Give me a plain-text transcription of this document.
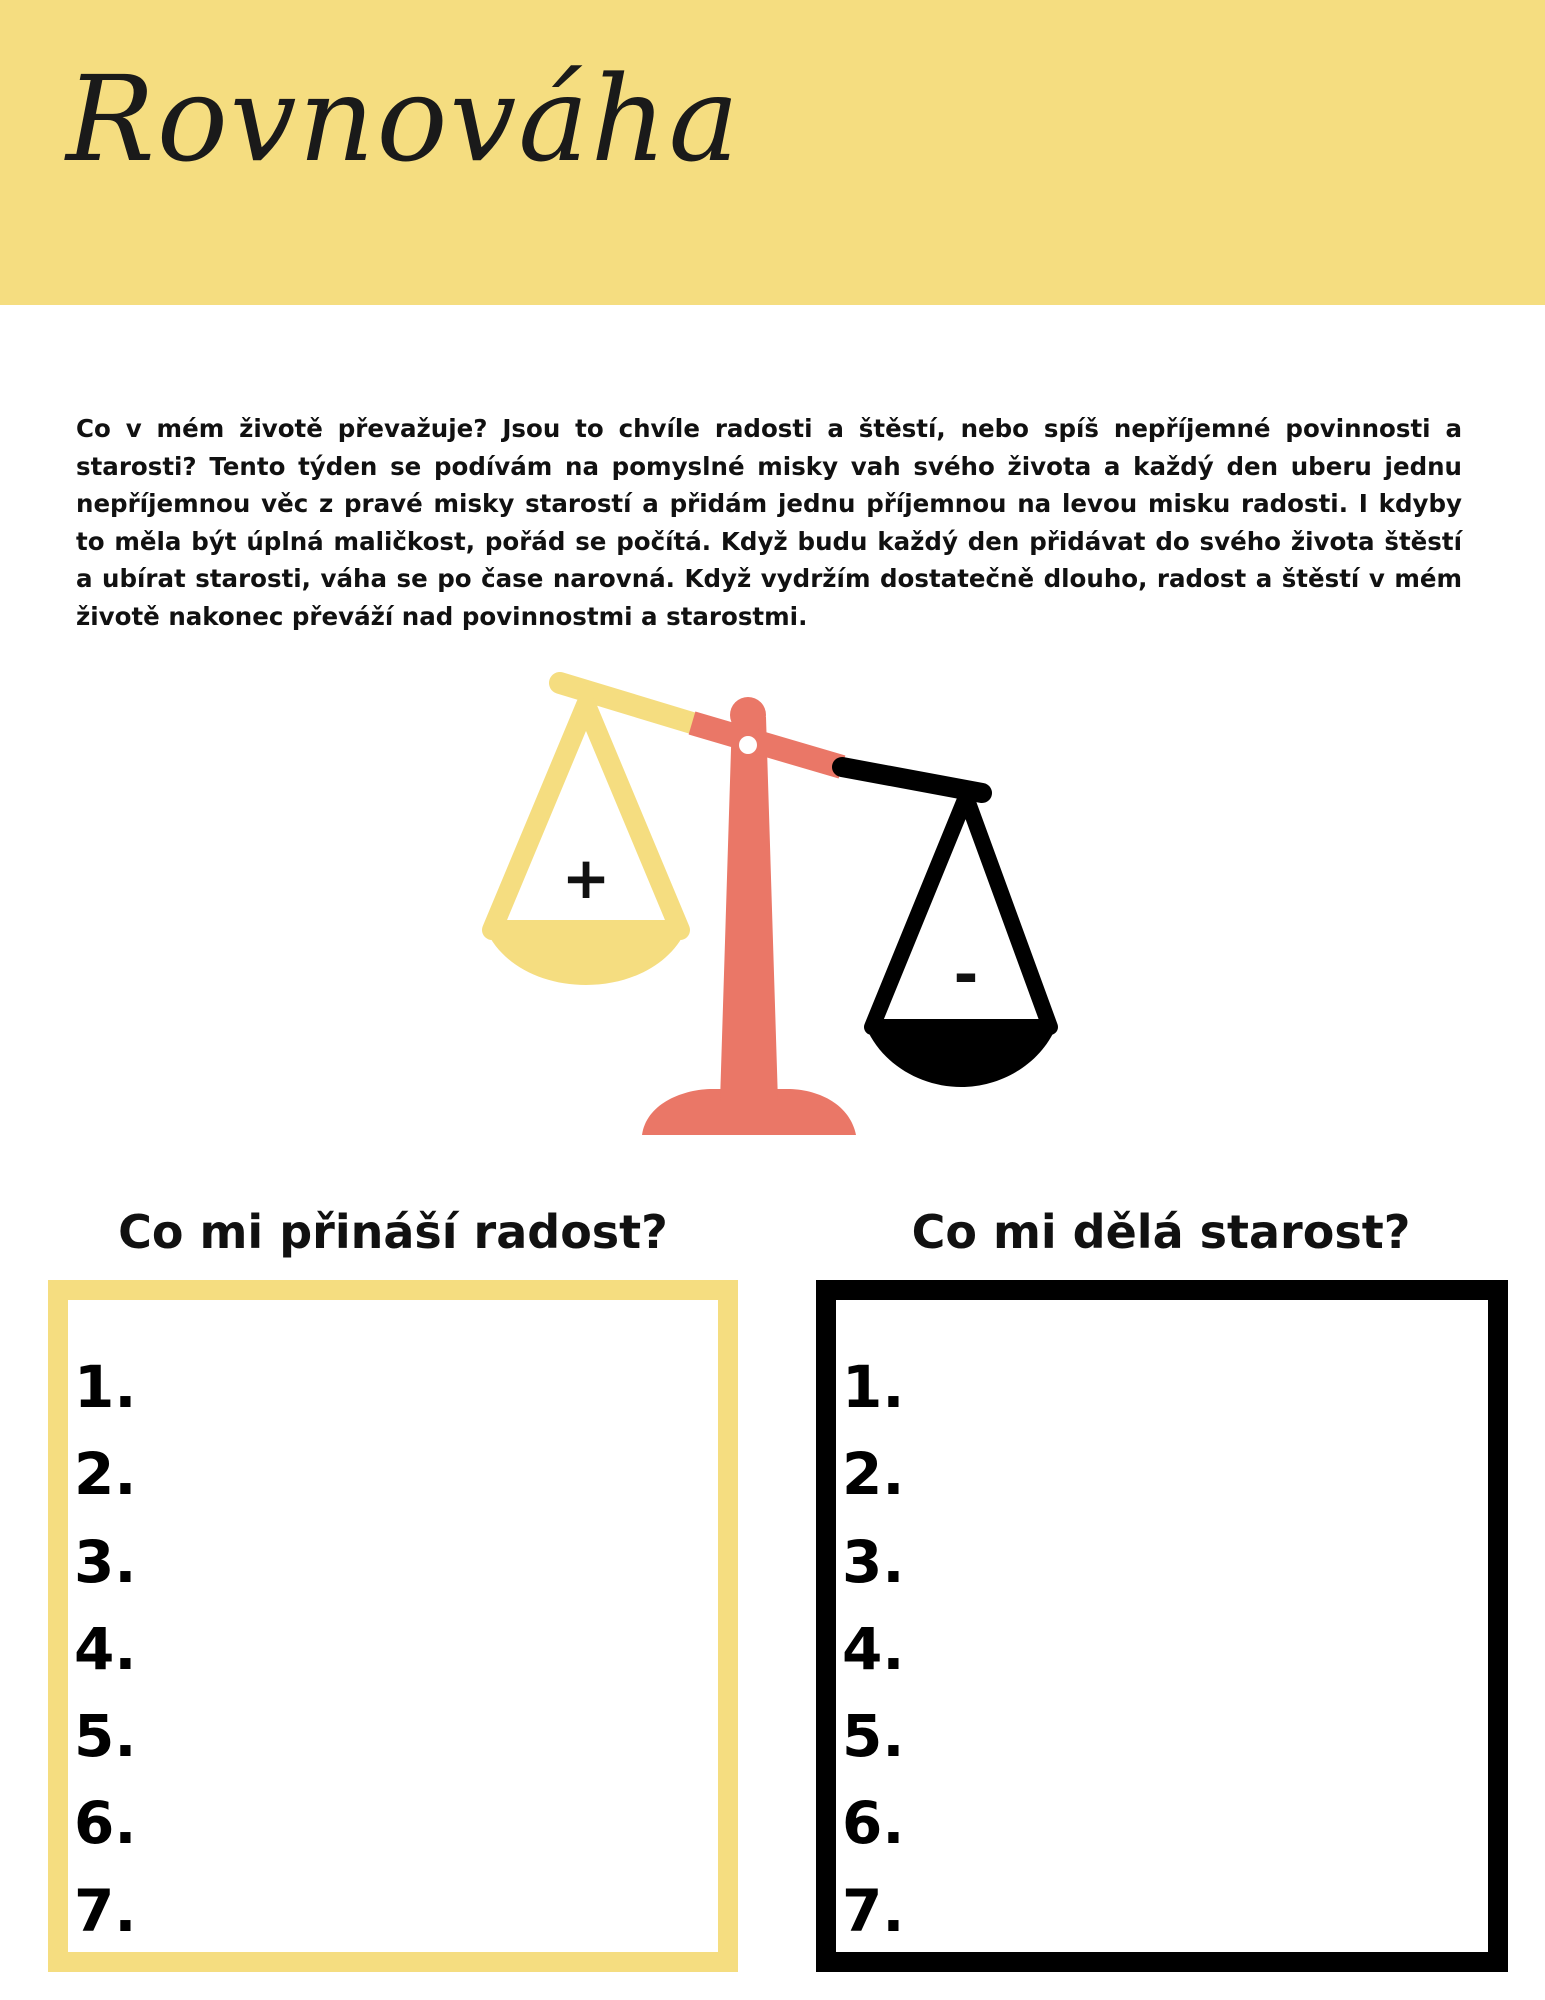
Rovnováha

Co v mém životě převažuje? Jsou to chvíle radosti a štěstí, nebo spíš nepříjemné povinnosti a starosti? Tento týden se podívám na pomyslné misky vah svého života a každý den uberu jednu nepříjemnou věc z pravé misky starostí a přidám jednu příjemnou na levou misku radosti. I kdyby to měla být úplná maličkost, pořád se počítá. Když budu každý den přidávat do svého života štěstí a ubírat starosti, váha se po čase narovná. Když vydržím dostatečně dlouho, radost a štěstí v mém životě nakonec převáží nad povinnostmi a starostmi.

+
-
Co mi přináší radost?	Co mi dělá starost?
1.
2.
3.
4.
5.
6.
7.
1.
2.
3.
4.
5.
6.
7.
